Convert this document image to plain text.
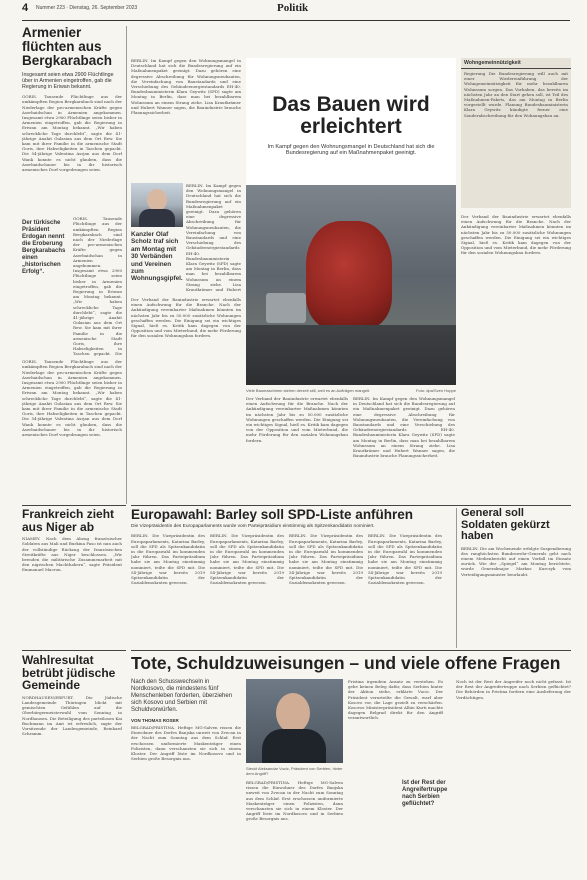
4 Nummer 223 · Dienstag, 26. September 2023	Politik
Armenier flüchten aus Bergkarabach
Insgesamt seien etwa 2900 Flüchtlinge über in Armenien eingetroffen, gab die Regierung in Eriwan bekannt.
GORIS. Tausende Flüchtlinge aus der umkämpften Region Bergkarabach sind nach der Niederlage der pro-armenischen Kräfte gegen Aserbaidschan in Armenien angekommen. Insgesamt etwa 2900 Flüchtlinge seien bisher in Armenien eingetroffen, gab die Regierung in Eriwan am Montag bekannt. „Wir haben schreckliche Tage durchlebt“, sagte die 41-jährige Anahit Gulasian aus dem Ort Rew. Sie kam mit ihrer Familie in die armenische Stadt Goris, ihre Habseligkeiten in Taschen gepackt. Die 54-jährige Valentina Asrjan aus dem Dorf Wank konnte es nicht glauben, dass die Aserbaidschaner bis in ihr historisch armenisches Dorf vorgedrungen seien.
Der türkische Präsident Erdogan nennt die Eroberung Bergkarabachs einen „historischen Erfolg“.
GORIS. Tausende Flüchtlinge aus der umkämpften Region Bergkarabach sind nach der Niederlage der pro-armenischen Kräfte gegen Aserbaidschan in Armenien angekommen. Insgesamt etwa 2900 Flüchtlinge seien bisher in Armenien eingetroffen, gab die Regierung in Eriwan am Montag bekannt. „Wir haben schreckliche Tage durchlebt“, sagte die 41-jährige Anahit Gulasian aus dem Ort Rew. Sie kam mit ihrer Familie in die armenische Stadt Goris, ihre Habseligkeiten in Taschen gepackt. Die
GORIS. Tausende Flüchtlinge aus der umkämpften Region Bergkarabach sind nach der Niederlage der pro-armenischen Kräfte gegen Aserbaidschan in Armenien angekommen. Insgesamt etwa 2900 Flüchtlinge seien bisher in Armenien eingetroffen, gab die Regierung in Eriwan am Montag bekannt. „Wir haben schreckliche Tage durchlebt“, sagte die 41-jährige Anahit Gulasian aus dem Ort Rew. Sie kam mit ihrer Familie in die armenische Stadt Goris, ihre Habseligkeiten in Taschen gepackt. Die 54-jährige Valentina Asrjan aus dem Dorf Wank konnte es nicht glauben, dass die Aserbaidschaner bis in ihr historisch armenisches Dorf vorgedrungen seien.
BERLIN. Im Kampf gegen den Wohnungsmangel in Deutschland hat sich die Bundesregierung auf ein Maßnahmenpaket geeinigt. Dazu gehören eine degressive Abschreibung für Wohnungsneubauten, die Vereinfachung von Baustandards und eine Verschiebung des Gebäudeenergiestandards EH-40. Bundesbauministerin Klara Geywitz (SPD) sagte am Montag in Berlin, dass man bei bezahlbarem Wohnraum an einem Strang ziehe. Lisa Krautkrämer und Hubert Wanner sagen, die Bauindustrie brauche Planungssicherheit.
Kanzler Olaf Scholz traf sich am Montag mit 30 Verbänden und Vereinen zum Wohnungsgipfel.
BERLIN. Im Kampf gegen den Wohnungsmangel in Deutschland hat sich die Bundesregierung auf ein Maßnahmenpaket geeinigt. Dazu gehören eine degressive Abschreibung für Wohnungsneubauten, die Vereinfachung von Baustandards und eine Verschiebung des Gebäudeenergiestandards EH-40. Bundesbauministerin Klara Geywitz (SPD) sagte am Montag in Berlin, dass man bei bezahlbarem Wohnraum an einem Strang ziehe. Lisa Krautkrämer und Hubert
Der Verband der Bauindustrie erwartet ebenfalls einen Aufschwung für die Branche. Nach der Ankündigung vereinbarter Maßnahmen könnten im nächsten Jahr bis zu 50.000 zusätzliche Wohnungen geschaffen werden. Die Einigung sei ein wichtiges Signal, hieß es. Kritik kam dagegen von der Opposition und vom Mieterbund, die mehr Förderung für den sozialen Wohnungsbau fordern.
Das Bauen wird erleichtert
Im Kampf gegen den Wohnungsmangel in Deutschland hat sich die Bundesregierung auf ein Maßnahmenpaket geeinigt.
Viele Baumaschinen stehen derzeit still, weil es an Aufträgen mangelt.	Foto: dpa/Sven Hoppe
Der Verband der Bauindustrie erwartet ebenfalls einen Aufschwung für die Branche. Nach der Ankündigung vereinbarter Maßnahmen könnten im nächsten Jahr bis zu 50.000 zusätzliche Wohnungen geschaffen werden. Die Einigung sei ein wichtiges Signal, hieß es. Kritik kam dagegen von der Opposition und vom Mieterbund, die mehr Förderung für den sozialen Wohnungsbau fordern.
BERLIN. Im Kampf gegen den Wohnungsmangel in Deutschland hat sich die Bundesregierung auf ein Maßnahmenpaket geeinigt. Dazu gehören eine degressive Abschreibung für Wohnungsneubauten, die Vereinfachung von Baustandards und eine Verschiebung des Gebäudeenergiestandards EH-40. Bundesbauministerin Klara Geywitz (SPD) sagte am Montag in Berlin, dass man bei bezahlbarem Wohnraum an einem Strang ziehe. Lisa Krautkrämer und Hubert Wanner sagen, die Bauindustrie brauche Planungssicherheit.
Wohngemeinnützigkeit
Regierung Die Bundesregierung will auch mit einer Wiedereinführung der Wohngemeinnützigkeit für mehr bezahlbaren Wohnraum sorgen. Das Vorhaben, das bereits im nächsten Jahr an den Start gehen soll, ist Teil des Maßnahmen-Pakets, das am Montag in Berlin vorgestellt wurde. Planung Bundesbauministerin Klara Geywitz kündigte ferner eine Sonderabschreibung für den Wohnungsbau an.
Der Verband der Bauindustrie erwartet ebenfalls einen Aufschwung für die Branche. Nach der Ankündigung vereinbarter Maßnahmen könnten im nächsten Jahr bis zu 50.000 zusätzliche Wohnungen geschaffen werden. Die Einigung sei ein wichtiges Signal, hieß es. Kritik kam dagegen von der Opposition und vom Mieterbund, die mehr Förderung für den sozialen Wohnungsbau fordern.
Europawahl: Barley soll SPD-Liste anführen
Die Vizepräsidentin des Europaparlaments wurde vom Parteipräsidium einstimmig als Spitzenkandidatin nominiert.
BERLIN. Die Vizepräsidentin des Europaparlaments, Katarina Barley, soll die SPD als Spitzenkandidatin in die Europawahl im kommenden Jahr führen. Das Parteipräsidium habe sie am Montag einstimmig nominiert, teilte die SPD mit. Die 54-Jährige war bereits 2019 Spitzenkandidatin der Sozialdemokraten gewesen.
BERLIN. Die Vizepräsidentin des Europaparlaments, Katarina Barley, soll die SPD als Spitzenkandidatin in die Europawahl im kommenden Jahr führen. Das Parteipräsidium habe sie am Montag einstimmig nominiert, teilte die SPD mit. Die 54-Jährige war bereits 2019 Spitzenkandidatin der Sozialdemokraten gewesen.
BERLIN. Die Vizepräsidentin des Europaparlaments, Katarina Barley, soll die SPD als Spitzenkandidatin in die Europawahl im kommenden Jahr führen. Das Parteipräsidium habe sie am Montag einstimmig nominiert, teilte die SPD mit. Die 54-Jährige war bereits 2019 Spitzenkandidatin der Sozialdemokraten gewesen.
BERLIN. Die Vizepräsidentin des Europaparlaments, Katarina Barley, soll die SPD als Spitzenkandidatin in die Europawahl im kommenden Jahr führen. Das Parteipräsidium habe sie am Montag einstimmig nominiert, teilte die SPD mit. Die 54-Jährige war bereits 2019 Spitzenkandidatin der Sozialdemokraten gewesen.
General soll Soldaten gekürzt haben
BERLIN. Die am Wochenende erfolgte Suspendierung des ranghöchsten Bundeswehr-Generals geht nach einem Medienbericht auf einen Vorfall im Einsatz zurück. Wie der „Spiegel“ am Montag berichtete, wurde Generalmajor Markus Kurczyk vom Verteidigungsminister beurlaubt.
Frankreich zieht aus Niger ab
NIAMEY. Nach dem Abzug französischer Soldaten aus Mali und Burkina Faso ist nun auch der vollständige Rückzug der französischen Streitkräfte aus Niger beschlossen. „Wir beenden die militärische Zusammenarbeit mit den nigrischen Machthabern“, sagte Präsident Emmanuel Macron.
Wahlresultat betrübt jüdische Gemeinde
NORDHAUSEN/ERFURT. Die Jüdische Landesgemeinde Thüringen blickt mit gemischten Gefühlen auf die Oberbürgermeisterwahl vom Sonntag in Nordhausen. Die Beteiligung des parteilosen Kai Buchmann im Amt ist erfreulich, sagte der Vorsitzende der Landesgemeinde, Reinhard Schramm.
Tote, Schuldzuweisungen – und viele offene Fragen
Nach den Schusswechseln in Nordkosovo, die mindestens fünf Menschenleben forderten, überziehen sich Kosovo und Serbien mit Schuldvorwürfen.
VON THOMAS ROSER
BELGRAD/PRISTINA. Heftige MG-Salven rissen die Einwohner des Dorfes Banjska unweit von Zvecan in der Nacht zum Sonntag aus dem Schlaf. Erst erschossen uniformierte Maskenträger einen Polizisten, dann verschanzten sie sich in einem Kloster. Der Angriff löste im Nordkosovo und in Serbien große Besorgnis aus.
Steckt Aleksandar Vucic, Präsident von Serbien, hinter dem Angriff?
BELGRAD/PRISTINA. Heftige MG-Salven rissen die Einwohner des Dorfes Banjska unweit von Zvecan in der Nacht zum Sonntag aus dem Schlaf. Erst erschossen uniformierte Maskenträger einen Polizisten, dann verschanzten sie sich in einem Kloster. Der Angriff löste im Nordkosovo und in Serbien große Besorgnis aus.
Pristina irgendein Ansatz zu verstehen. Es gebe keinen Beleg dafür, dass Serbien hinter der Aktion stehe, erklärte Vucic. Der Präsident verurteilte die Gewalt, warf aber Kosovo vor, die Lage gezielt zu verschärfen. Kosovos Ministerpräsident Albin Kurti machte dagegen Belgrad direkt für den Angriff verantwortlich.
Ist der Rest der Angreifertruppe nach Serbien geflüchtet?
Noch ist der Rest der Angreifer noch nicht gefasst. Ist der Rest der Angreifertruppe nach Serbien geflüchtet? Die Behörden in Pristina fordern eine Auslieferung der Verdächtigen.
